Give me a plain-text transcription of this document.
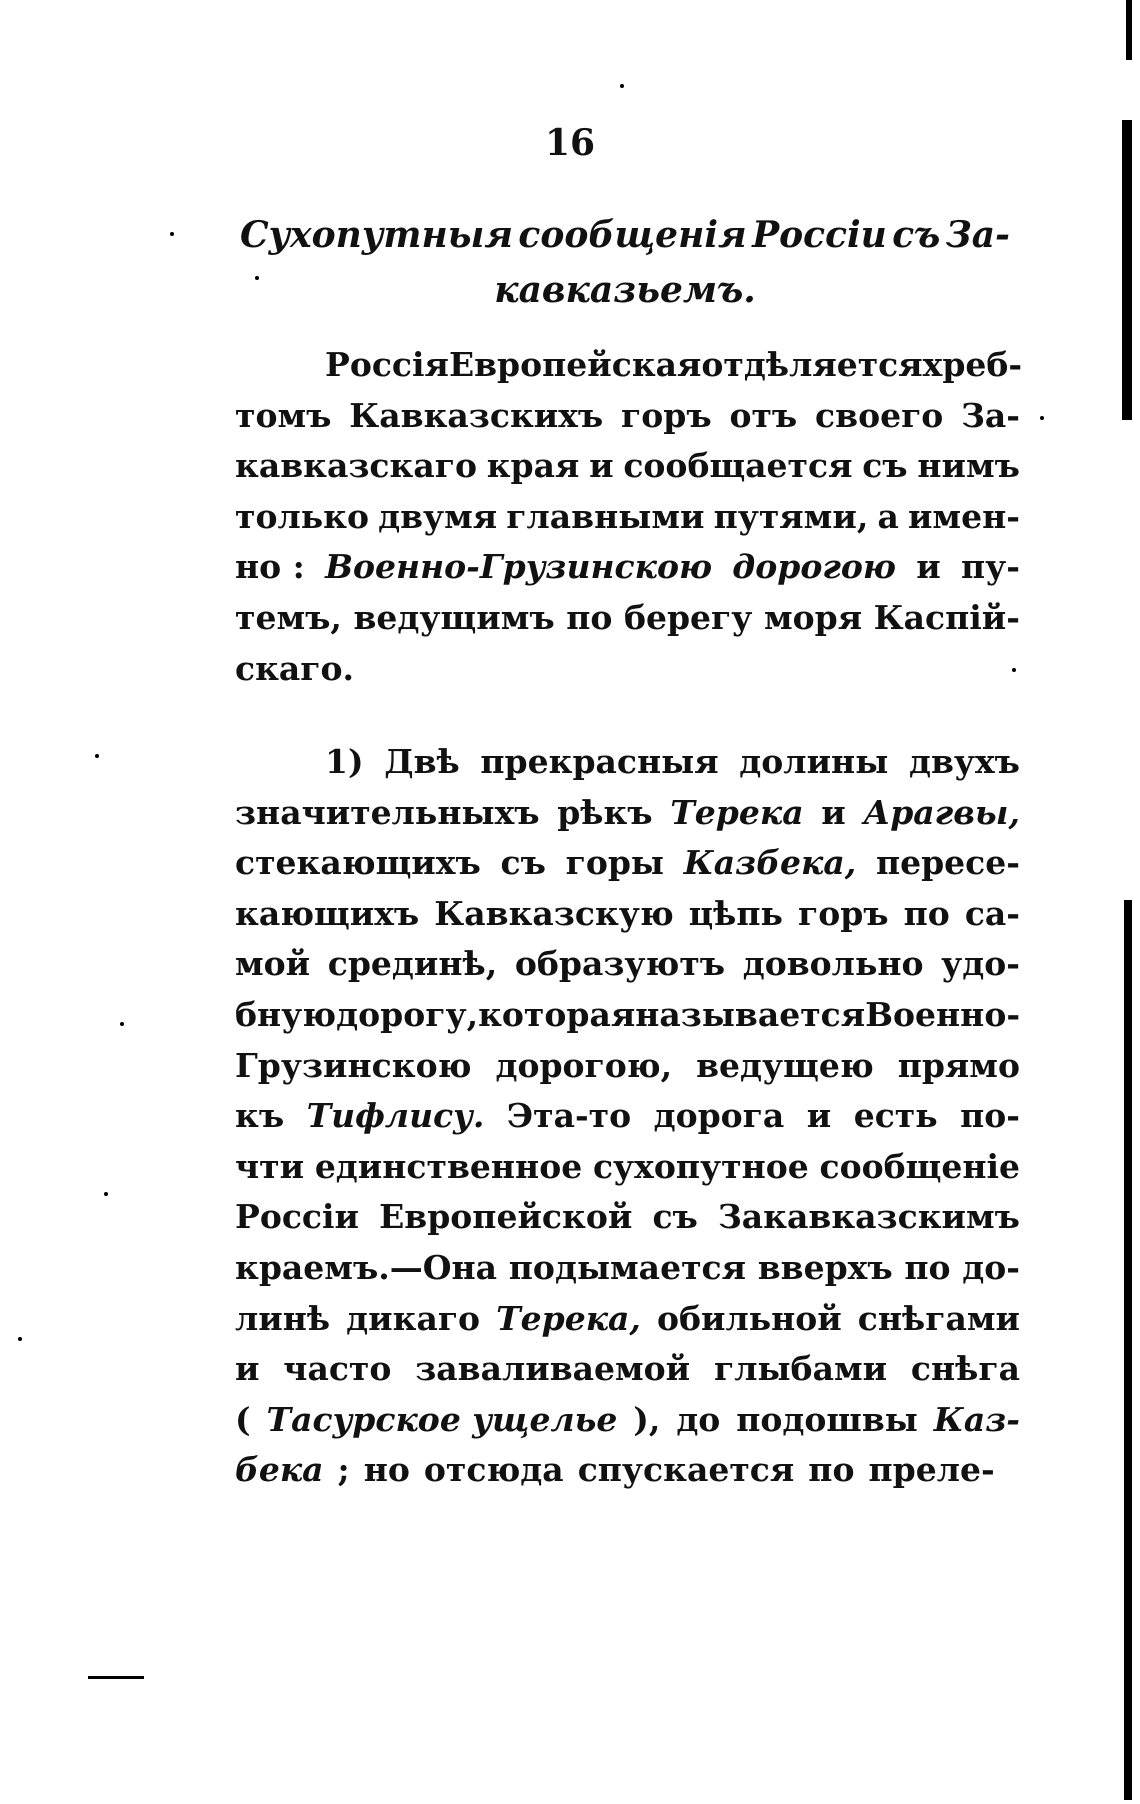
16
Сухопутныя сообщенія Россіи съ За-
кавказьемъ.
Россія Европейская отдѣляется хреб-
томъ Кавказскихъ горъ отъ своего За-
кавказскаго края и сообщается съ нимъ
только двумя главными путями, а имен-
но : Военно-Грузинскою дорогою и пу-
темъ, ведущимъ по берегу моря Каспій-
скаго.
1) Двѣ прекрасныя долины двухъ
значительныхъ рѣкъ Терека и Арагвы,
стекающихъ съ горы Казбека, пересе-
кающихъ Кавказскую цѣпь горъ по са-
мой срединѣ, образуютъ довольно удо-
бную дорогу, которая называется Военно-
Грузинскою дорогою, ведущею прямо
къ Тифлису. Эта-то дорога и есть по-
чти единственное сухопутное сообщеніе
Россіи Европейской съ Закавказскимъ
краемъ.—Она подымается вверхъ по до-
линѣ дикаго Терека, обильной снѣгами
и часто заваливаемой глыбами снѣга
( Тасурское ущелье ), до подошвы Каз-
бека ; но отсюда спускается по преле-
